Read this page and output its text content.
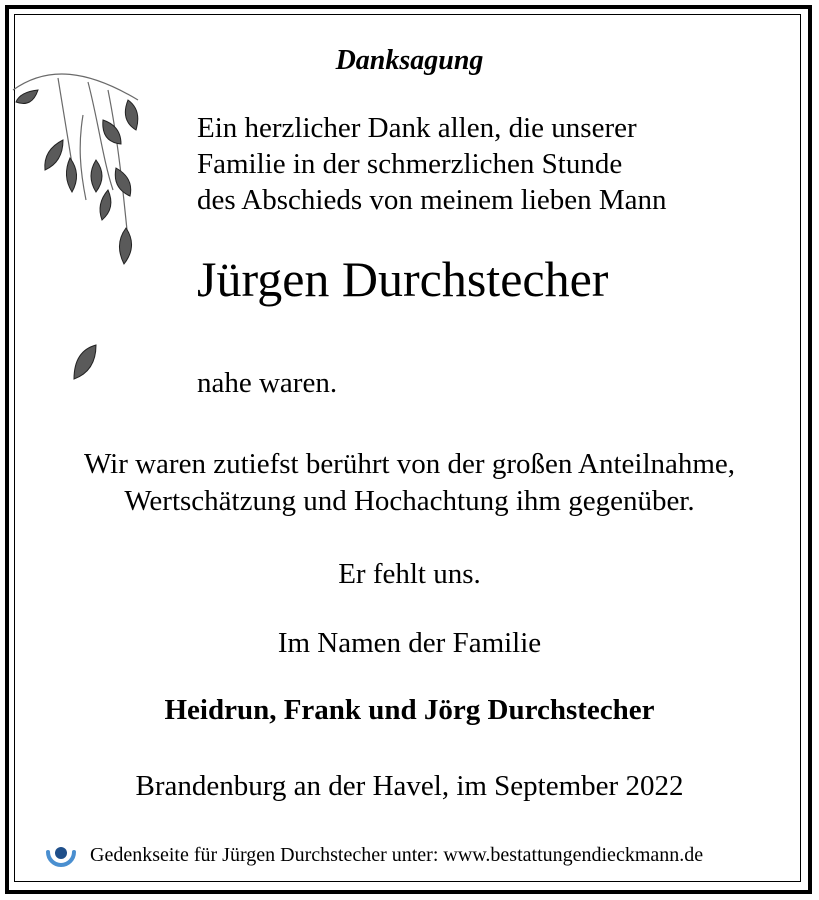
Danksagung
Ein herzlicher Dank allen, die unserer
Familie in der schmerzlichen Stunde
des Abschieds von meinem lieben Mann
Jürgen Durchstecher
nahe waren.
Wir waren zutiefst berührt von der großen Anteilnahme,
Wertschätzung und Hochachtung ihm gegenüber.
Er fehlt uns.
Im Namen der Familie
Heidrun, Frank und Jörg Durchstecher
Brandenburg an der Havel, im September 2022
Gedenkseite für Jürgen Durchstecher unter: www.bestattungendieckmann.de
